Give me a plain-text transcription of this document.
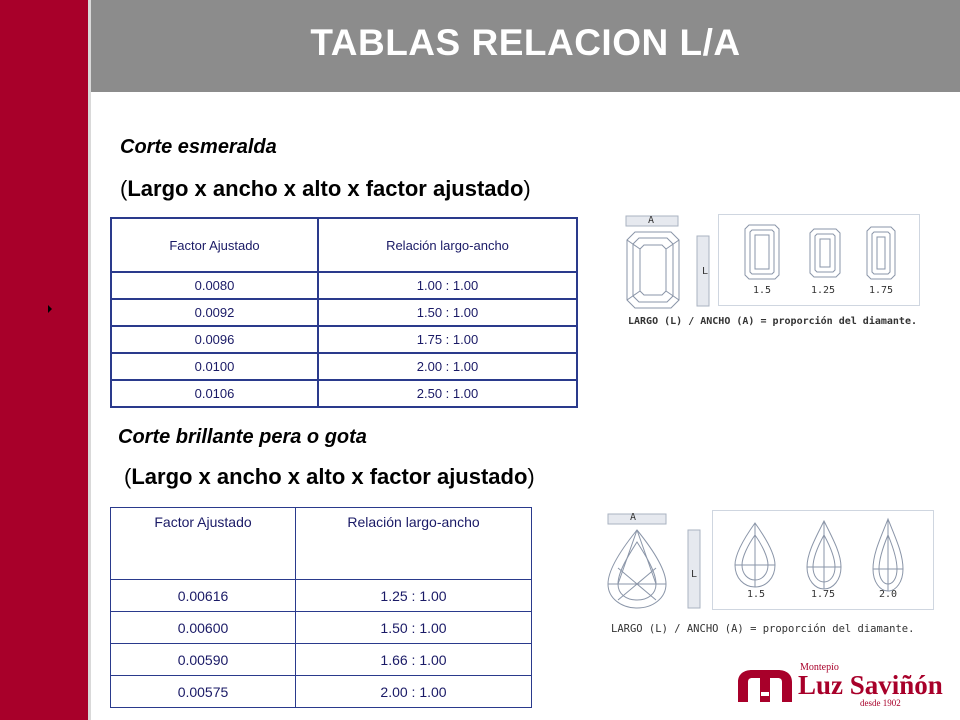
TABLAS RELACION L/A
Corte esmeralda
(Largo x ancho x alto x factor ajustado)
Factor Ajustado	Relación largo-ancho
0.0080	1.00 : 1.00
0.0092	1.50 : 1.00
0.0096	1.75 : 1.00
0.0100	2.00 : 1.00
0.0106	2.50 : 1.00
A
L
1.5	1.25	1.75
LARGO (L) / ANCHO (A) = proporción del diamante.
Corte brillante pera o gota
(Largo x ancho x alto x factor ajustado)
Factor Ajustado	Relación largo-ancho
0.00616	1.25 : 1.00
0.00600	1.50 : 1.00
0.00590	1.66 : 1.00
0.00575	2.00 : 1.00
A
L
1.5	1.75	2.0
LARGO (L) / ANCHO (A) = proporción del diamante.
Montepío
Luz Saviñón
desde 1902
